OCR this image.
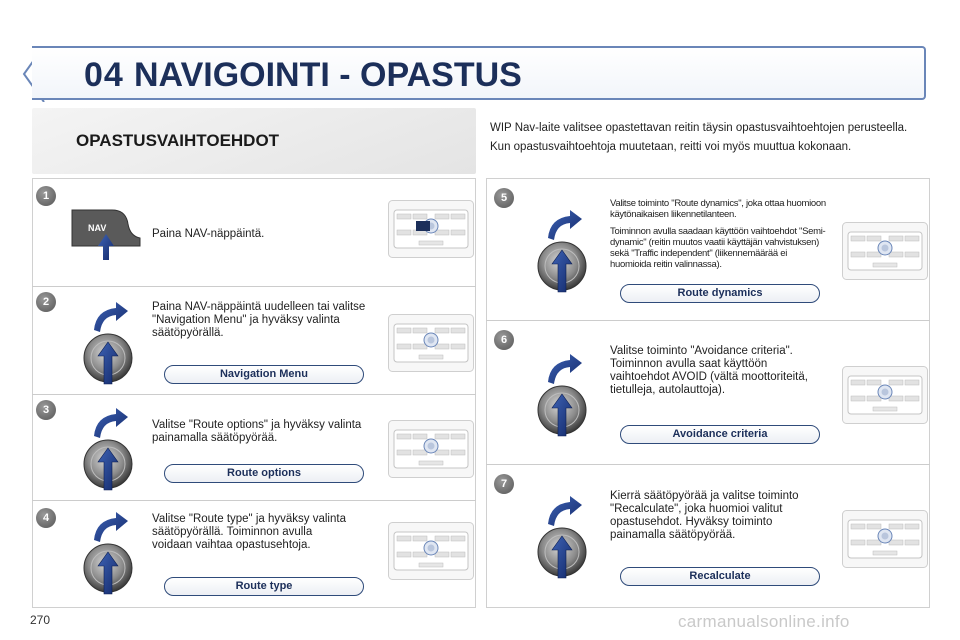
04 NAVIGOINTI - OPASTUS
OPASTUSVAIHTOEHDOT

WIP Nav-laite valitsee opastettavan reitin täysin opastusvaihtoehtojen perusteella.

Kun opastusvaihtoehtoja muutetaan, reitti voi myös muuttua kokonaan.

1
NAV	Paina NAV-näppäintä.
2	Paina NAV-näppäintä uudelleen tai valitse "Navigation Menu" ja hyväksy valinta säätöpyörällä.
Navigation Menu
3
Valitse "Route options" ja hyväksy valinta painamalla säätöpyörää.
Route options
4	Valitse "Route type" ja hyväksy valinta säätöpyörällä. Toiminnon avulla voidaan vaihtaa opastusehtoja.
Route type
5	Valitse toiminto "Route dynamics", joka ottaa huomioon käytönaikaisen liikennetilanteen.
Toiminnon avulla saadaan käyttöön vaihtoehdot "Semi-dynamic" (reitin muutos vaatii käyttäjän vahvistuksen) sekä "Traffic independent" (liikennemäärää ei huomioida reitin valinnassa).
Route dynamics
6
Valitse toiminto "Avoidance criteria". Toiminnon avulla saat käyttöön vaihtoehdot AVOID (vältä moottoriteitä, tietulleja, autolauttoja).
Avoidance criteria
7
Kierrä säätöpyörää ja valitse toiminto "Recalculate", joka huomioi valitut opastusehdot. Hyväksy toiminto painamalla säätöpyörää.
Recalculate
270	carmanualsonline.info
